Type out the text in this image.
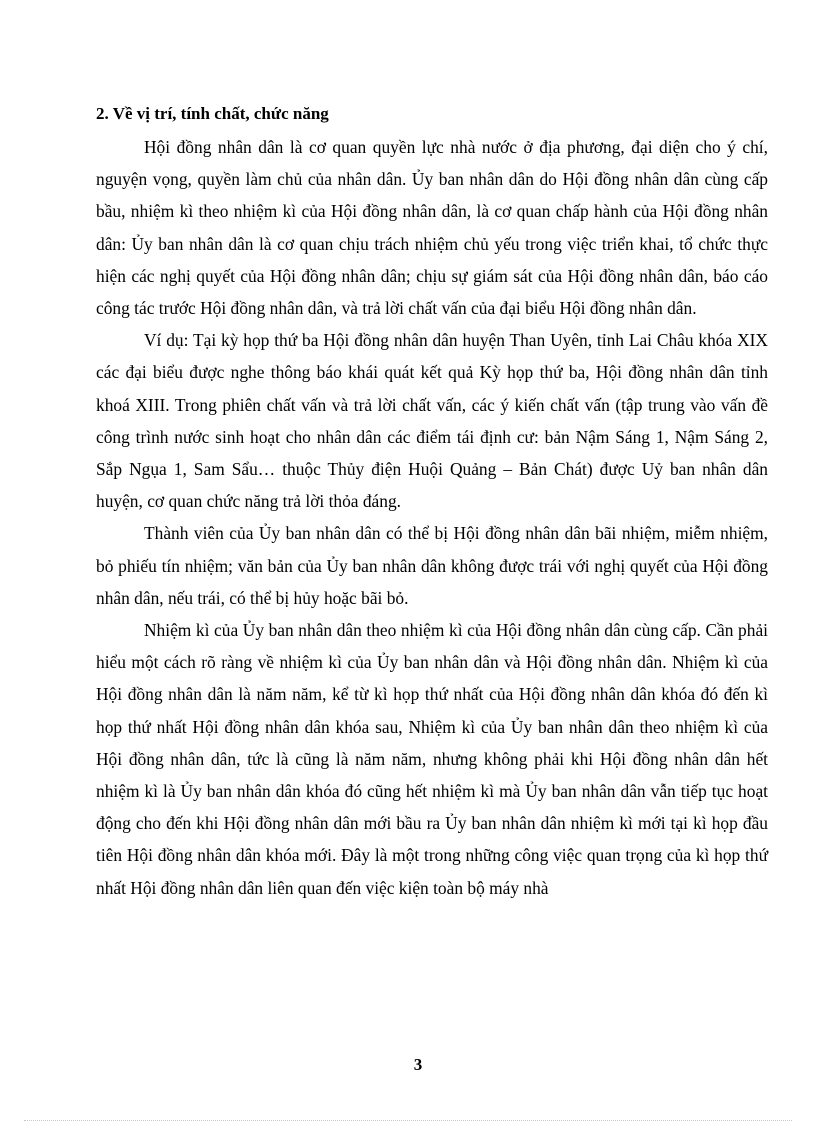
2. Về vị trí, tính chất, chức năng

Hội đồng nhân dân là cơ quan quyền lực nhà nước ở địa phương, đại diện cho ý chí, nguyện vọng, quyền làm chủ của nhân dân. Ủy ban nhân dân do Hội đồng nhân dân cùng cấp bầu, nhiệm kì theo nhiệm kì của Hội đồng nhân dân, là cơ quan chấp hành của Hội đồng nhân dân: Ủy ban nhân dân là cơ quan chịu trách nhiệm chủ yếu trong việc triển khai, tổ chức thực hiện các nghị quyết của Hội đồng nhân dân; chịu sự giám sát của Hội đồng nhân dân, báo cáo công tác trước Hội đồng nhân dân, và trả lời chất vấn của đại biểu Hội đồng nhân dân.

Ví dụ: Tại kỳ họp thứ ba Hội đồng nhân dân huyện Than Uyên, tỉnh Lai Châu khóa XIX các đại biểu được nghe thông báo khái quát kết quả Kỳ họp thứ ba, Hội đồng nhân dân tỉnh khoá XIII. Trong phiên chất vấn và trả lời chất vấn, các ý kiến chất vấn (tập trung vào vấn đề công trình nước sinh hoạt cho nhân dân các điểm tái định cư: bản Nậm Sáng 1, Nậm Sáng 2, Sắp Ngụa 1, Sam Sẩu… thuộc Thủy điện Huội Quảng – Bản Chát) được Uỷ ban nhân dân huyện, cơ quan chức năng trả lời thỏa đáng.

Thành viên của Ủy ban nhân dân có thể bị Hội đồng nhân dân bãi nhiệm, miễm nhiệm, bỏ phiếu tín nhiệm; văn bản của Ủy ban nhân dân không được trái với nghị quyết của Hội đồng nhân dân, nếu trái, có thể bị hủy hoặc bãi bỏ.

Nhiệm kì của Ủy ban nhân dân theo nhiệm kì của Hội đồng nhân dân cùng cấp. Cần phải hiểu một cách rõ ràng về nhiệm kì của Ủy ban nhân dân và Hội đồng nhân dân. Nhiệm kì của Hội đồng nhân dân là năm năm, kể từ kì họp thứ nhất của Hội đồng nhân dân khóa đó đến kì họp thứ nhất Hội đồng nhân dân khóa sau, Nhiệm kì của Ủy ban nhân dân theo nhiệm kì của Hội đồng nhân dân, tức là cũng là năm năm, nhưng không phải khi Hội đồng nhân dân hết nhiệm kì là Ủy ban nhân dân khóa đó cũng hết nhiệm kì mà Ủy ban nhân dân vẫn tiếp tục hoạt động cho đến khi Hội đồng nhân dân mới bầu ra Ủy ban nhân dân nhiệm kì mới tại kì họp đầu tiên Hội đồng nhân dân khóa mới. Đây là một trong những công việc quan trọng của kì họp thứ nhất Hội đồng nhân dân liên quan đến việc kiện toàn bộ máy nhà

3
